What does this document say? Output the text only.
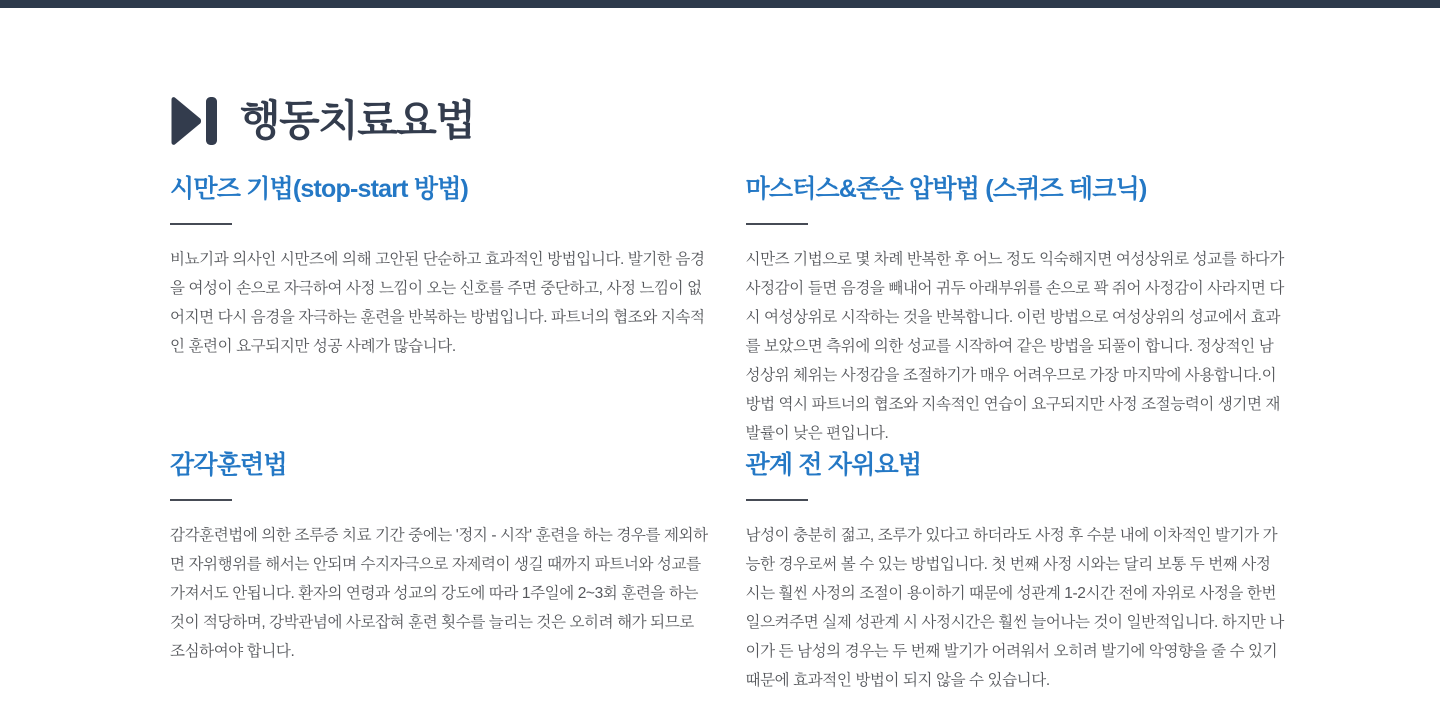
행동치료요법
시만즈 기법(stop-start 방법)

비뇨기과 의사인 시만즈에 의해 고안된 단순하고 효과적인 방법입니다. 발기한 음경을 여성이 손으로 자극하여 사정 느낌이 오는 신호를 주면 중단하고, 사정 느낌이 없어지면 다시 음경을 자극하는 훈련을 반복하는 방법입니다. 파트너의 협조와 지속적인 훈련이 요구되지만 성공 사례가 많습니다.

마스터스&존순 압박법 (스퀴즈 테크닉)

시만즈 기법으로 몇 차례 반복한 후 어느 정도 익숙해지면 여성상위로 성교를 하다가 사정감이 들면 음경을 빼내어 귀두 아래부위를 손으로 꽉 쥐어 사정감이 사라지면 다시 여성상위로 시작하는 것을 반복합니다. 이런 방법으로 여성상위의 성교에서 효과를 보았으면 측위에 의한 성교를 시작하여 같은 방법을 되풀이 합니다. 정상적인 남성상위 체위는 사정감을 조절하기가 매우 어려우므로 가장 마지막에 사용합니다.이 방법 역시 파트너의 협조와 지속적인 연습이 요구되지만 사정 조절능력이 생기면 재발률이 낮은 편입니다.

감각훈련법

감각훈련법에 의한 조루증 치료 기간 중에는 '정지 - 시작' 훈련을 하는 경우를 제외하면 자위행위를 해서는 안되며 수지자극으로 자제력이 생길 때까지 파트너와 성교를 가져서도 안됩니다. 환자의 연령과 성교의 강도에 따라 1주일에 2~3회 훈련을 하는 것이 적당하며, 강박관념에 사로잡혀 훈련 횟수를 늘리는 것은 오히려 해가 되므로 조심하여야 합니다.

관계 전 자위요법

남성이 충분히 젊고, 조루가 있다고 하더라도 사정 후 수분 내에 이차적인 발기가 가능한 경우로써 볼 수 있는 방법입니다. 첫 번째 사정 시와는 달리 보통 두 번째 사정 시는 훨씬 사정의 조절이 용이하기 때문에 성관계 1-2시간 전에 자위로 사정을 한번 일으켜주면 실제 성관계 시 사정시간은 훨씬 늘어나는 것이 일반적입니다. 하지만 나이가 든 남성의 경우는 두 번째 발기가 어려워서 오히려 발기에 악영향을 줄 수 있기 때문에 효과적인 방법이 되지 않을 수 있습니다.
